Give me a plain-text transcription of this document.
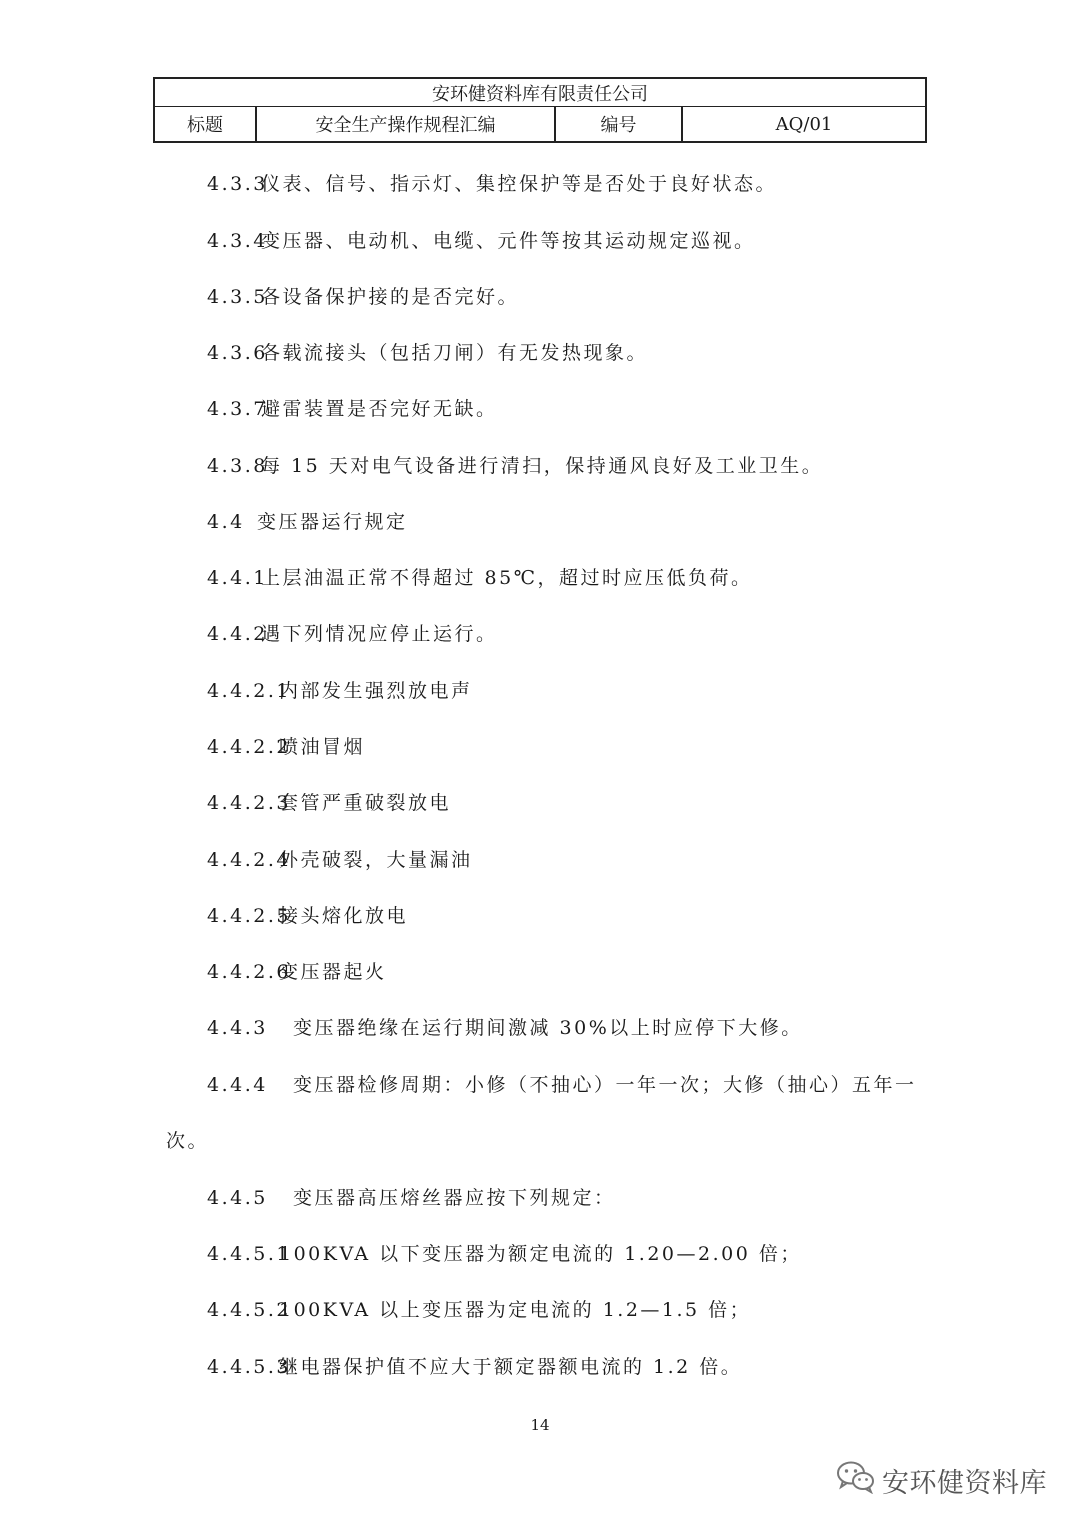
安环健资料库有限责任公司
标题	安全生产操作规程汇编	编号	AQ/01
4.3.3仪表、信号、指示灯、集控保护等是否处于良好状态。
4.3.4变压器、电动机、电缆、元件等按其运动规定巡视。
4.3.5各设备保护接的是否完好。
4.3.6各载流接头（包括刀闸）有无发热现象。
4.3.7避雷装置是否完好无缺。
4.3.8每 15 天对电气设备进行清扫，保持通风良好及工业卫生。
4.4 变压器运行规定
4.4.1上层油温正常不得超过 85℃，超过时应压低负荷。
4.4.2遇下列情况应停止运行。
4.4.2.1内部发生强烈放电声
4.4.2.2喷油冒烟
4.4.2.3套管严重破裂放电
4.4.2.4外壳破裂，大量漏油
4.4.2.5接头熔化放电
4.4.2.6变压器起火
4.4.3 变压器绝缘在运行期间激减 30%以上时应停下大修。
4.4.4 变压器检修周期：小修（不抽心）一年一次；大修（抽心）五年一
次。
4.4.5 变压器高压熔丝器应按下列规定：
4.4.5.1100KVA 以下变压器为额定电流的 1.20—2.00 倍；
4.4.5.2100KVA 以上变压器为定电流的 1.2—1.5 倍；
4.4.5.3继电器保护值不应大于额定器额电流的 1.2 倍。
14
安环健资料库
